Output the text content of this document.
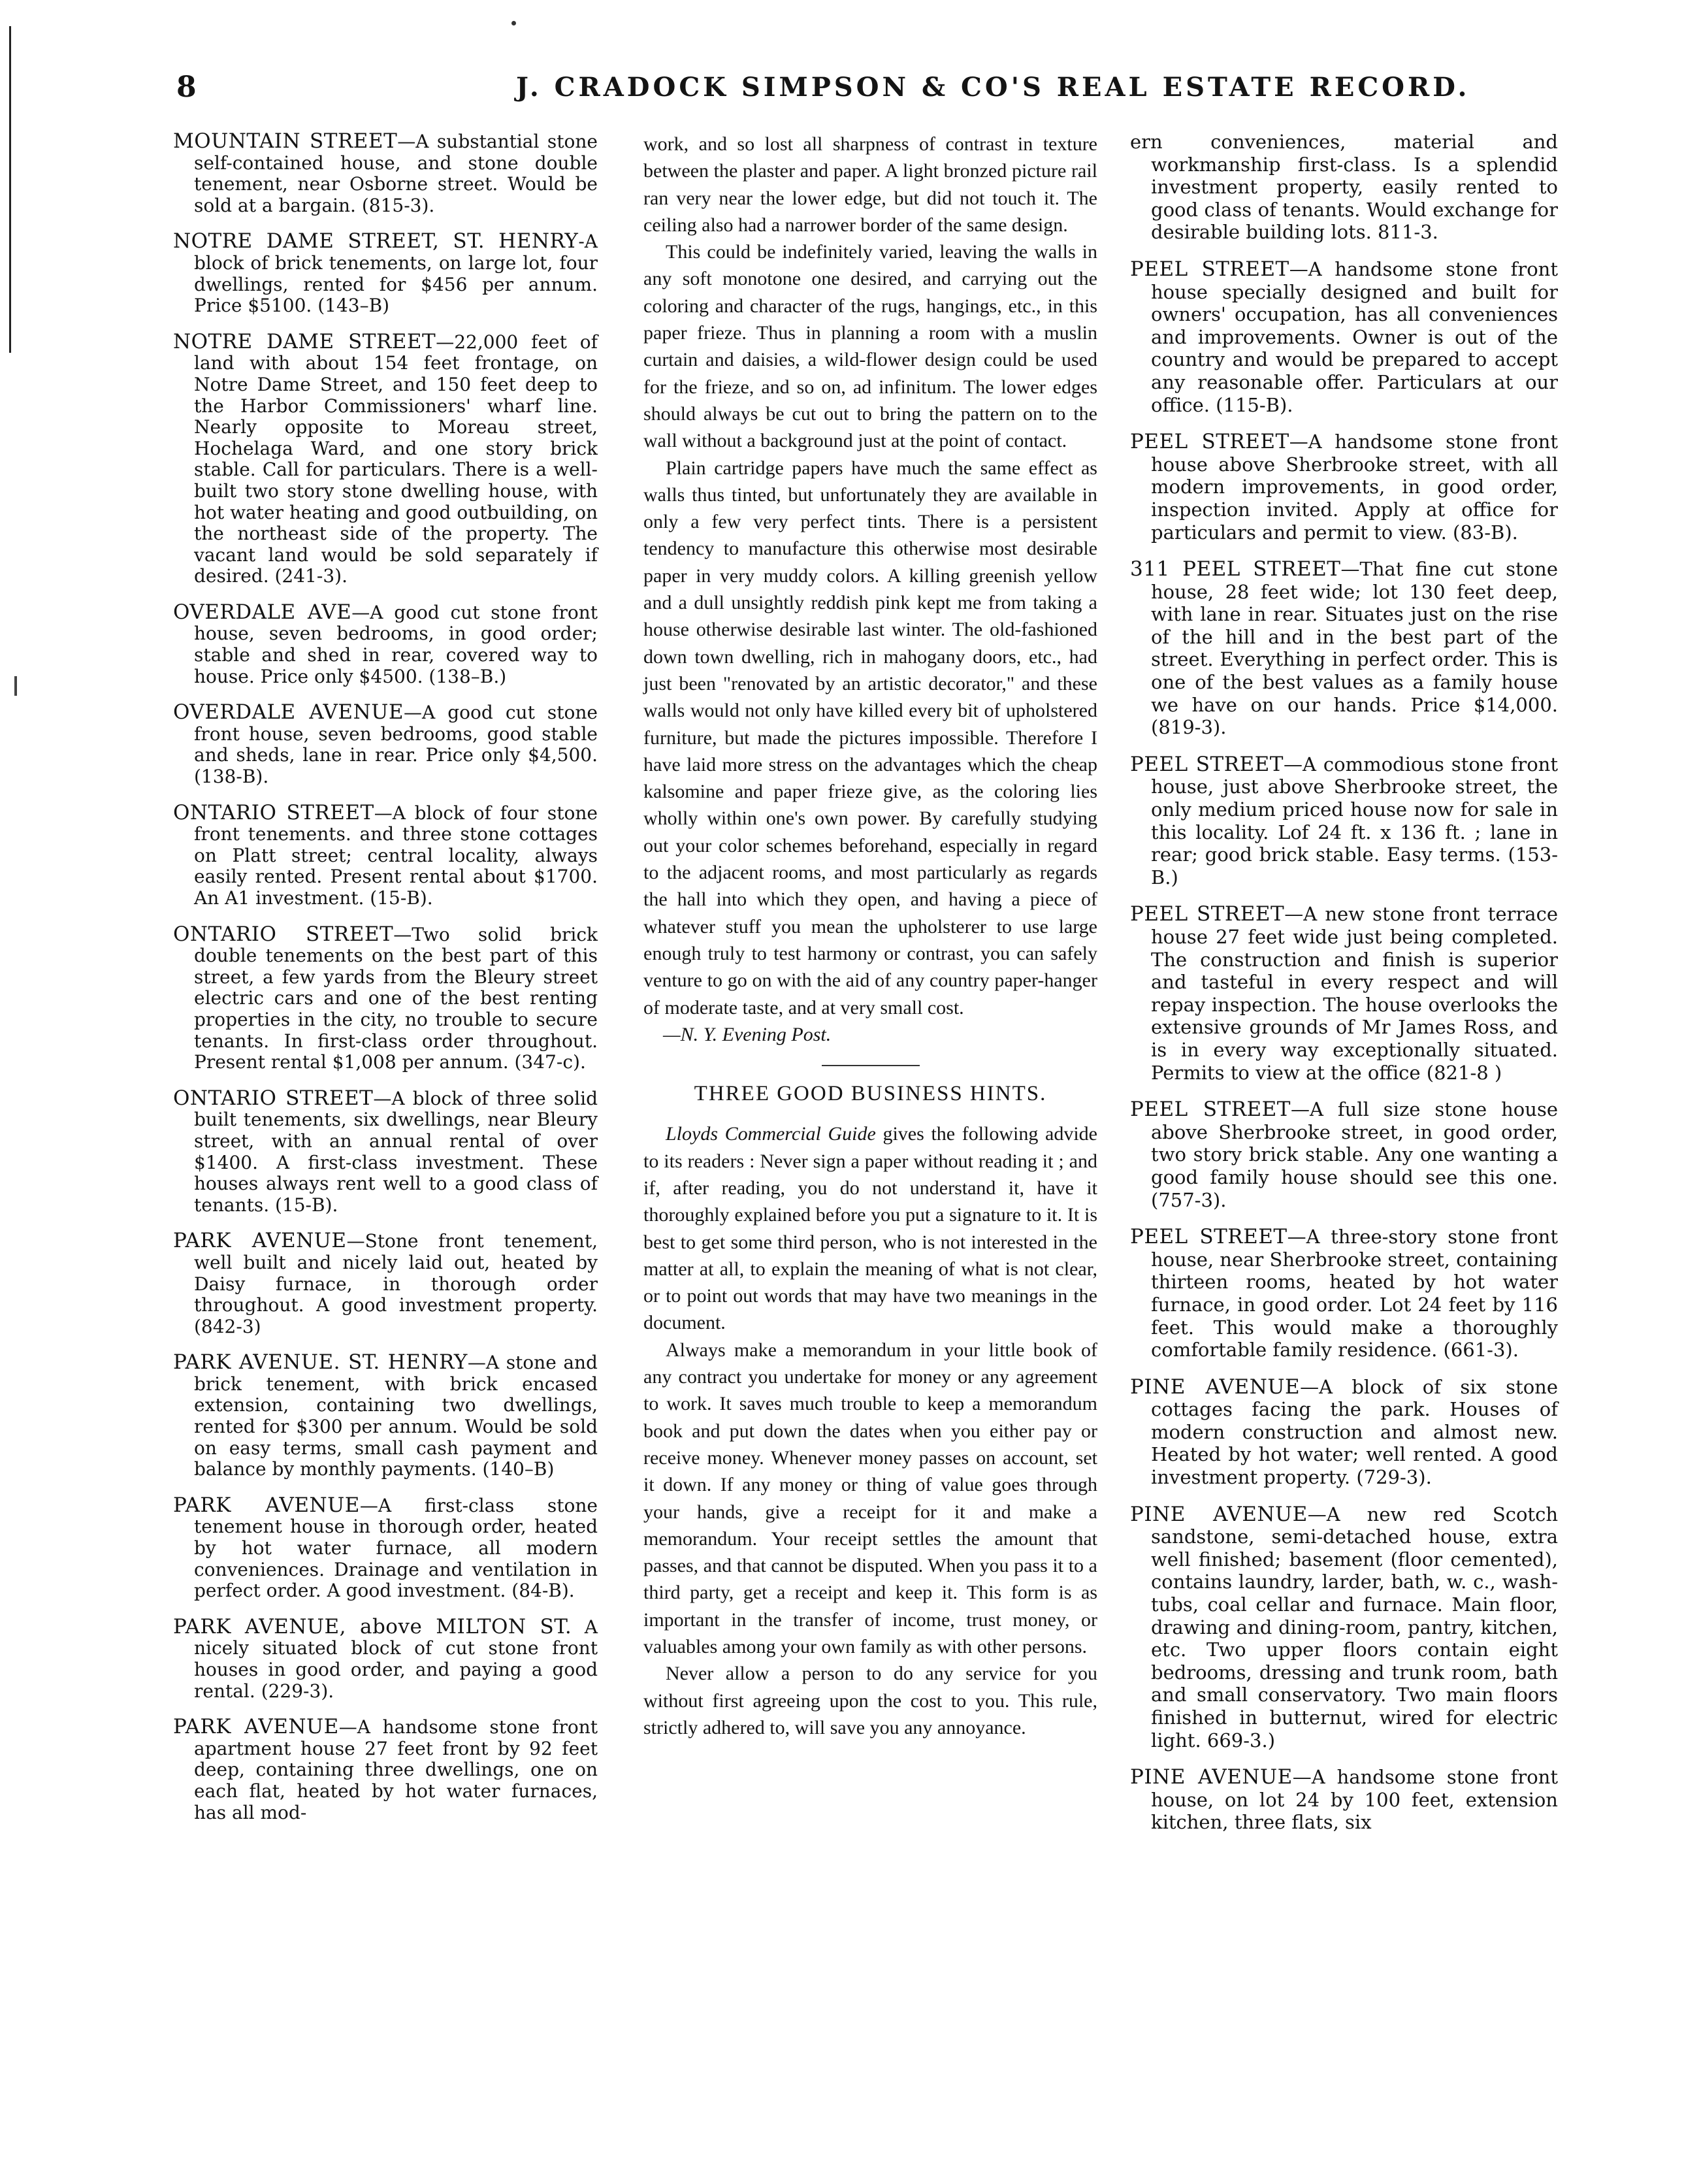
8	J. CRADOCK SIMPSON & CO'S REAL ESTATE RECORD.
MOUNTAIN STREET—A substantial stone self-contained house, and stone double tenement, near Osborne street. Would be sold at a bargain. (815-3).
NOTRE DAME STREET, ST. HENRY-A block of brick tenements, on large lot, four dwellings, rented for $456 per annum. Price $5100. (143–B)
NOTRE DAME STREET—22,000 feet of land with about 154 feet frontage, on Notre Dame Street, and 150 feet deep to the Harbor Commissioners' wharf line. Nearly opposite to Moreau street, Hochelaga Ward, and one story brick stable. Call for particulars. There is a well-built two story stone dwelling house, with hot water heating and good outbuilding, on the northeast side of the property. The vacant land would be sold separately if desired. (241-3).
OVERDALE AVE—A good cut stone front house, seven bedrooms, in good order; stable and shed in rear, covered way to house. Price only $4500. (138–B.)
OVERDALE AVENUE—A good cut stone front house, seven bedrooms, good stable and sheds, lane in rear. Price only $4,500. (138-B).
ONTARIO STREET—A block of four stone front tenements. and three stone cottages on Platt street; central locality, always easily rented. Present rental about $1700. An A1 investment. (15-B).
ONTARIO STREET—Two solid brick double tenements on the best part of this street, a few yards from the Bleury street electric cars and one of the best renting properties in the city, no trouble to secure tenants. In first-class order throughout. Present rental $1,008 per annum. (347-c).
ONTARIO STREET—A block of three solid built tenements, six dwellings, near Bleury street, with an annual rental of over $1400. A first-class investment. These houses always rent well to a good class of tenants. (15-B).
PARK AVENUE—Stone front tenement, well built and nicely laid out, heated by Daisy furnace, in thorough order throughout. A good investment property. (842-3)
PARK AVENUE. ST. HENRY—A stone and brick tenement, with brick encased extension, containing two dwellings, rented for $300 per annum. Would be sold on easy terms, small cash payment and balance by monthly payments. (140–B)
PARK AVENUE—A first-class stone tenement house in thorough order, heated by hot water furnace, all modern conveniences. Drainage and ventilation in perfect order. A good investment. (84-B).
PARK AVENUE, above MILTON ST. A nicely situated block of cut stone front houses in good order, and paying a good rental. (229-3).
PARK AVENUE—A handsome stone front apartment house 27 feet front by 92 feet deep, containing three dwellings, one on each flat, heated by hot water furnaces, has all mod-

work, and so lost all sharpness of contrast in texture between the plaster and paper. A light bronzed picture rail ran very near the lower edge, but did not touch it. The ceiling also had a narrower border of the same design.

This could be indefinitely varied, leaving the walls in any soft monotone one desired, and carrying out the coloring and character of the rugs, hangings, etc., in this paper frieze. Thus in planning a room with a muslin curtain and daisies, a wild-flower design could be used for the frieze, and so on, ad infinitum. The lower edges should always be cut out to bring the pattern on to the wall without a background just at the point of contact.

Plain cartridge papers have much the same effect as walls thus tinted, but unfortunately they are available in only a few very perfect tints. There is a persistent tendency to manufacture this otherwise most desirable paper in very muddy colors. A killing greenish yellow and a dull unsightly reddish pink kept me from taking a house otherwise desirable last winter. The old-fashioned down town dwelling, rich in mahogany doors, etc., had just been "renovated by an artistic decorator," and these walls would not only have killed every bit of upholstered furniture, but made the pictures impossible. Therefore I have laid more stress on the advantages which the cheap kalsomine and paper frieze give, as the coloring lies wholly within one's own power. By carefully studying out your color schemes beforehand, especially in regard to the adjacent rooms, and most particularly as regards the hall into which they open, and having a piece of whatever stuff you mean the upholsterer to use large enough truly to test harmony or contrast, you can safely venture to go on with the aid of any country paper-hanger of moderate taste, and at very small cost.

—N. Y. Evening Post.
THREE GOOD BUSINESS HINTS.

Lloyds Commercial Guide gives the following advide to its readers : Never sign a paper without reading it ; and if, after reading, you do not understand it, have it thoroughly explained before you put a signature to it. It is best to get some third person, who is not interested in the matter at all, to explain the meaning of what is not clear, or to point out words that may have two meanings in the document.

Always make a memorandum in your little book of any contract you undertake for money or any agreement to work. It saves much trouble to keep a memorandum book and put down the dates when you either pay or receive money. Whenever money passes on account, set it down. If any money or thing of value goes through your hands, give a receipt for it and make a memorandum. Your receipt settles the amount that passes, and that cannot be disputed. When you pass it to a third party, get a receipt and keep it. This form is as important in the transfer of income, trust money, or valuables among your own family as with other persons.

Never allow a person to do any service for you without first agreeing upon the cost to you. This rule, strictly adhered to, will save you any annoyance.

ern conveniences, material and workmanship first-class. Is a splendid investment property, easily rented to good class of tenants. Would exchange for desirable building lots. 811-3.
PEEL STREET—A handsome stone front house specially designed and built for owners' occupation, has all conveniences and improvements. Owner is out of the country and would be prepared to accept any reasonable offer. Particulars at our office. (115-B).
PEEL STREET—A handsome stone front house above Sherbrooke street, with all modern improvements, in good order, inspection invited. Apply at office for particulars and permit to view. (83-B).
311 PEEL STREET—That fine cut stone house, 28 feet wide; lot 130 feet deep, with lane in rear. Situates just on the rise of the hill and in the best part of the street. Everything in perfect order. This is one of the best values as a family house we have on our hands. Price $14,000. (819-3).
PEEL STREET—A commodious stone front house, just above Sherbrooke street, the only medium priced house now for sale in this locality. Lof 24 ft. x 136 ft. ; lane in rear; good brick stable. Easy terms. (153-B.)
PEEL STREET—A new stone front terrace house 27 feet wide just being completed. The construction and finish is superior and tasteful in every respect and will repay inspection. The house overlooks the extensive grounds of Mr James Ross, and is in every way exceptionally situated. Permits to view at the office (821-8 )
PEEL STREET—A full size stone house above Sherbrooke street, in good order, two story brick stable. Any one wanting a good family house should see this one. (757-3).
PEEL STREET—A three-story stone front house, near Sherbrooke street, containing thirteen rooms, heated by hot water furnace, in good order. Lot 24 feet by 116 feet. This would make a thoroughly comfortable family residence. (661-3).
PINE AVENUE—A block of six stone cottages facing the park. Houses of modern construction and almost new. Heated by hot water; well rented. A good investment property. (729-3).
PINE AVENUE—A new red Scotch sandstone, semi-detached house, extra well finished; basement (floor cemented), contains laundry, larder, bath, w. c., wash-tubs, coal cellar and furnace. Main floor, drawing and dining-room, pantry, kitchen, etc. Two upper floors contain eight bedrooms, dressing and trunk room, bath and small conservatory. Two main floors finished in butternut, wired for electric light. 669-3.)
PINE AVENUE—A handsome stone front house, on lot 24 by 100 feet, extension kitchen, three flats, six
